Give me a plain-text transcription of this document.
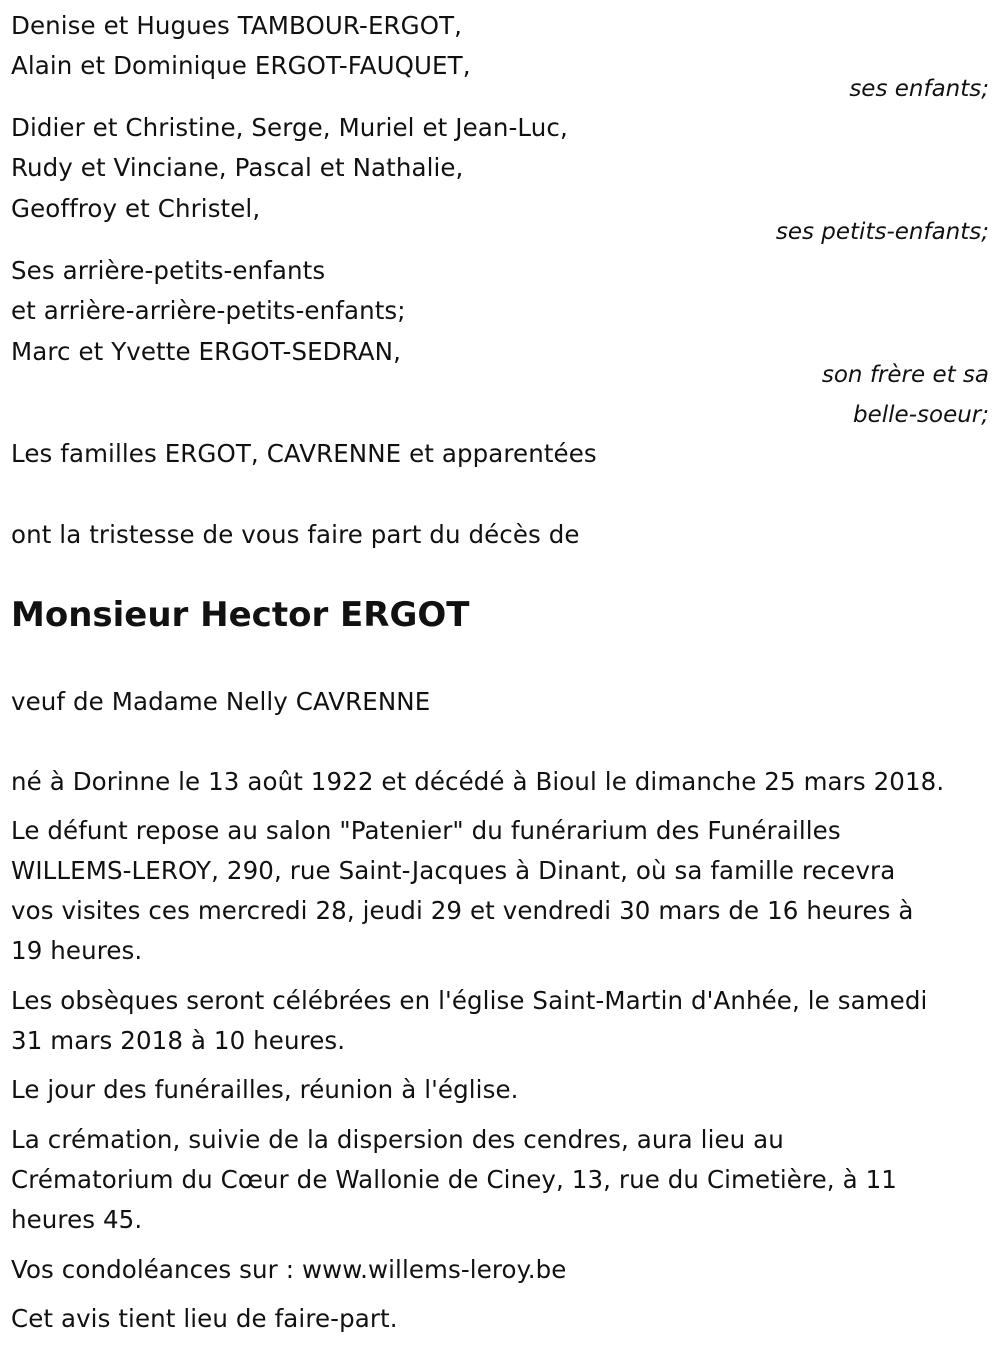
Denise et Hugues TAMBOUR-ERGOT,
Alain et Dominique ERGOT-FAUQUET,
ses enfants;
Didier et Christine, Serge, Muriel et Jean-Luc,
Rudy et Vinciane, Pascal et Nathalie,
Geoffroy et Christel,
ses petits-enfants;
Ses arrière-petits-enfants
et arrière-arrière-petits-enfants;
Marc et Yvette ERGOT-SEDRAN,
son frère et sa
belle-soeur;
Les familles ERGOT, CAVRENNE et apparentées
ont la tristesse de vous faire part du décès de
Monsieur Hector ERGOT
veuf de Madame Nelly CAVRENNE
né à Dorinne le 13 août 1922 et décédé à Bioul le dimanche 25 mars 2018.
Le défunt repose au salon "Patenier" du funérarium des Funérailles
WILLEMS-LEROY, 290, rue Saint-Jacques à Dinant, où sa famille recevra
vos visites ces mercredi 28, jeudi 29 et vendredi 30 mars de 16 heures à
19 heures.
Les obsèques seront célébrées en l'église Saint-Martin d'Anhée, le samedi
31 mars 2018 à 10 heures.
Le jour des funérailles, réunion à l'église.
La crémation, suivie de la dispersion des cendres, aura lieu au
Crématorium du Cœur de Wallonie de Ciney, 13, rue du Cimetière, à 11
heures 45.
Vos condoléances sur : www.willems-leroy.be
Cet avis tient lieu de faire-part.
